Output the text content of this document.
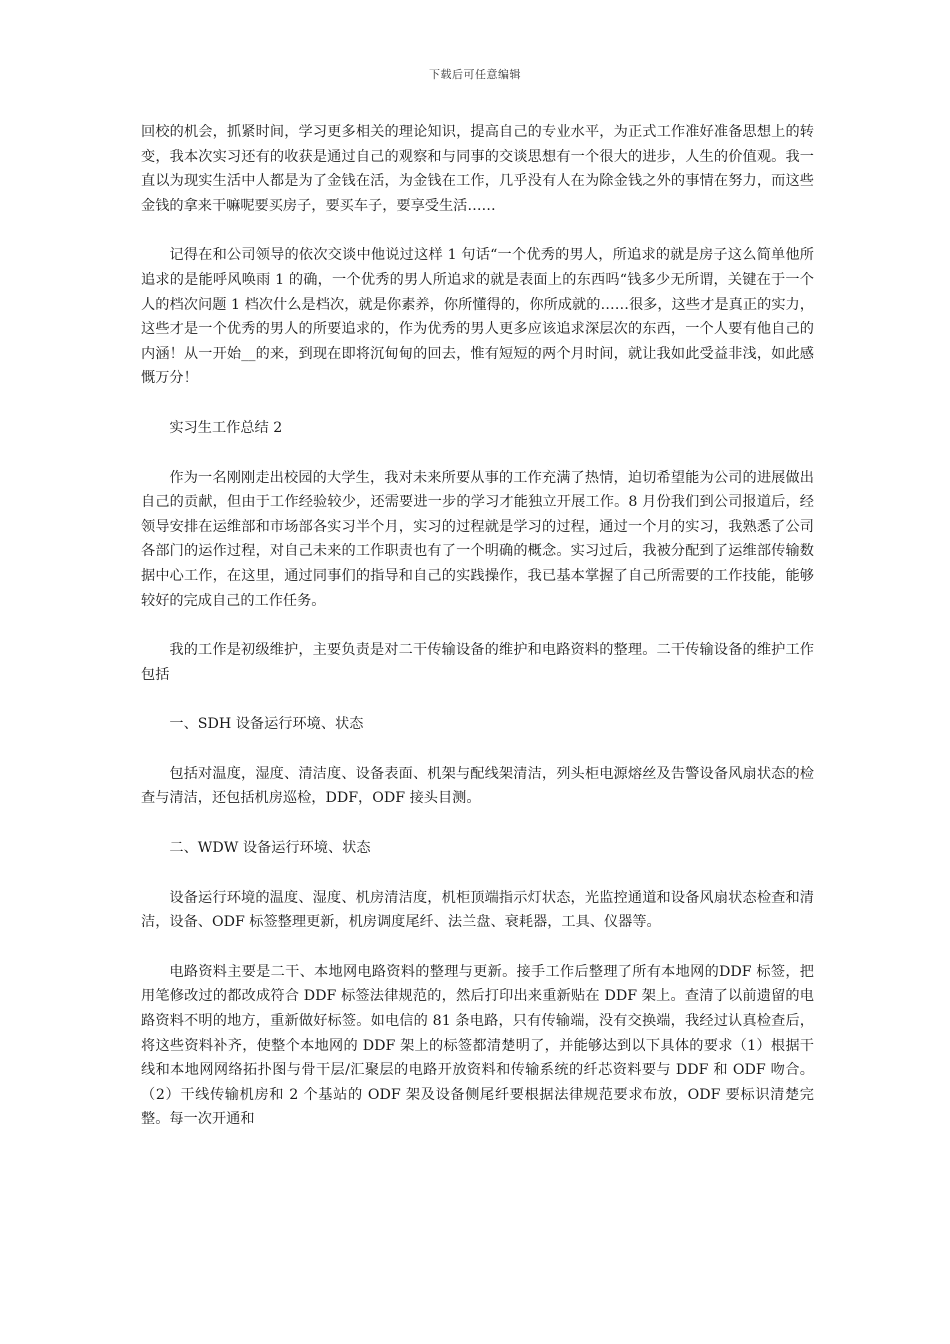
下载后可任意编辑

回校的机会，抓紧时间，学习更多相关的理论知识，提高自己的专业水平，为正式工作准好准备思想上的转变，我本次实习还有的收获是通过自己的观察和与同事的交谈思想有一个很大的进步，人生的价值观。我一直以为现实生活中人都是为了金钱在活，为金钱在工作，几乎没有人在为除金钱之外的事情在努力，而这些金钱的拿来干嘛呢要买房子，要买车子，要享受生活……

记得在和公司领导的依次交谈中他说过这样 1 句话“一个优秀的男人，所追求的就是房子这么简单他所追求的是能呼风唤雨 1 的确，一个优秀的男人所追求的就是表面上的东西吗“钱多少无所谓，关键在于一个人的档次问题 1 档次什么是档次，就是你素养，你所懂得的，你所成就的……很多，这些才是真正的实力，这些才是一个优秀的男人的所要追求的，作为优秀的男人更多应该追求深层次的东西，一个人要有他自己的内涵！从一开始__的来，到现在即将沉甸甸的回去，惟有短短的两个月时间，就让我如此受益非浅，如此感慨万分！

实习生工作总结 2

作为一名刚刚走出校园的大学生，我对未来所要从事的工作充满了热情，迫切希望能为公司的进展做出自己的贡献，但由于工作经验较少，还需要进一步的学习才能独立开展工作。8 月份我们到公司报道后，经领导安排在运维部和市场部各实习半个月，实习的过程就是学习的过程，通过一个月的实习，我熟悉了公司各部门的运作过程，对自己未来的工作职责也有了一个明确的概念。实习过后，我被分配到了运维部传输数据中心工作，在这里，通过同事们的指导和自己的实践操作，我已基本掌握了自己所需要的工作技能，能够较好的完成自己的工作任务。

我的工作是初级维护，主要负责是对二干传输设备的维护和电路资料的整理。二干传输设备的维护工作包括

一、SDH 设备运行环境、状态

包括对温度，湿度、清洁度、设备表面、机架与配线架清洁，列头柜电源熔丝及告警设备风扇状态的检查与清洁，还包括机房巡检，DDF，ODF 接头目测。

二、WDW 设备运行环境、状态

设备运行环境的温度、湿度、机房清洁度，机柜顶端指示灯状态，光监控通道和设备风扇状态检查和清洁，设备、ODF 标签整理更新，机房调度尾纤、法兰盘、衰耗器，工具、仪器等。

电路资料主要是二干、本地网电路资料的整理与更新。接手工作后整理了所有本地网的DDF 标签，把用笔修改过的都改成符合 DDF 标签法律规范的，然后打印出来重新贴在 DDF 架上。查清了以前遗留的电路资料不明的地方，重新做好标签。如电信的 81 条电路，只有传输端，没有交换端，我经过认真检查后，将这些资料补齐，使整个本地网的 DDF 架上的标签都清楚明了，并能够达到以下具体的要求（1）根据干线和本地网网络拓扑图与骨干层/汇聚层的电路开放资料和传输系统的纤芯资料要与 DDF 和 ODF 吻合。（2）干线传输机房和 2 个基站的 ODF 架及设备侧尾纤要根据法律规范要求布放，ODF 要标识清楚完整。每一次开通和
